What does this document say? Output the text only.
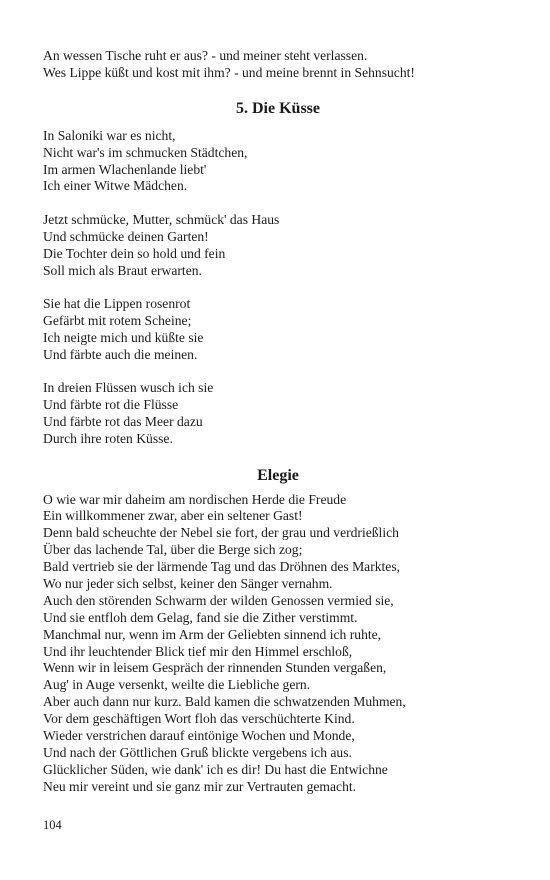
An wessen Tische ruht er aus? - und meiner steht verlassen.
Wes Lippe küßt und kost mit ihm? - und meine brennt in Sehnsucht!
5. Die Küsse
In Saloniki war es nicht,
Nicht war's im schmucken Städtchen,
Im armen Wlachenlande liebt'
Ich einer Witwe Mädchen.
Jetzt schmücke, Mutter, schmück' das Haus
Und schmücke deinen Garten!
Die Tochter dein so hold und fein
Soll mich als Braut erwarten.
Sie hat die Lippen rosenrot
Gefärbt mit rotem Scheine;
Ich neigte mich und küßte sie
Und färbte auch die meinen.
In dreien Flüssen wusch ich sie
Und färbte rot die Flüsse
Und färbte rot das Meer dazu
Durch ihre roten Küsse.
Elegie
O wie war mir daheim am nordischen Herde die Freude
Ein willkommener zwar, aber ein seltener Gast!
Denn bald scheuchte der Nebel sie fort, der grau und verdrießlich
Über das lachende Tal, über die Berge sich zog;
Bald vertrieb sie der lärmende Tag und das Dröhnen des Marktes,
Wo nur jeder sich selbst, keiner den Sänger vernahm.
Auch den störenden Schwarm der wilden Genossen vermied sie,
Und sie entfloh dem Gelag, fand sie die Zither verstimmt.
Manchmal nur, wenn im Arm der Geliebten sinnend ich ruhte,
Und ihr leuchtender Blick tief mir den Himmel erschloß,
Wenn wir in leisem Gespräch der rinnenden Stunden vergaßen,
Aug' in Auge versenkt, weilte die Liebliche gern.
Aber auch dann nur kurz. Bald kamen die schwatzenden Muhmen,
Vor dem geschäftigen Wort floh das verschüchterte Kind.
Wieder verstrichen darauf eintönige Wochen und Monde,
Und nach der Göttlichen Gruß blickte vergebens ich aus.
Glücklicher Süden, wie dank' ich es dir! Du hast die Entwichne
Neu mir vereint und sie ganz mir zur Vertrauten gemacht.
104
